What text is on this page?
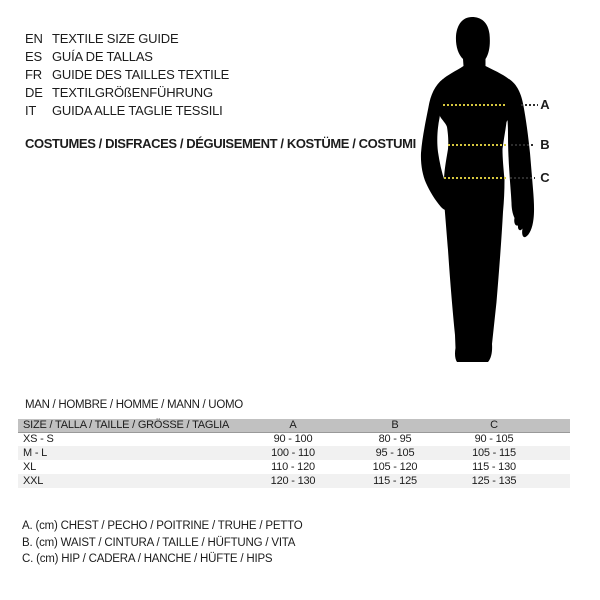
EN TEXTILE SIZE GUIDE
ES GUÍA DE TALLAS
FR GUIDE DES TAILLES TEXTILE
DE TEXTILGRÖßENFÜHRUNG
IT	GUIDA ALLE TAGLIE TESSILI
COSTUMES / DISFRACES / DÉGUISEMENT / KOSTÜME / COSTUMI
A
B
C
MAN / HOMBRE / HOMME / MANN / UOMO
SIZE / TALLA / TAILLE / GRÖSSE / TAGLIA	A	B	C	
XS - S	90 - 100	80 - 95	90 - 105	
M - L	100 - 110	95 - 105	105 - 115	
XL	110 - 120	105 - 120	115 - 130	
XXL	120 - 130	115 - 125	125 - 135	
A. (cm) CHEST / PECHO / POITRINE / TRUHE / PETTO
B. (cm) WAIST / CINTURA / TAILLE / HÜFTUNG / VITA
C. (cm) HIP / CADERA / HANCHE / HÜFTE / HIPS
